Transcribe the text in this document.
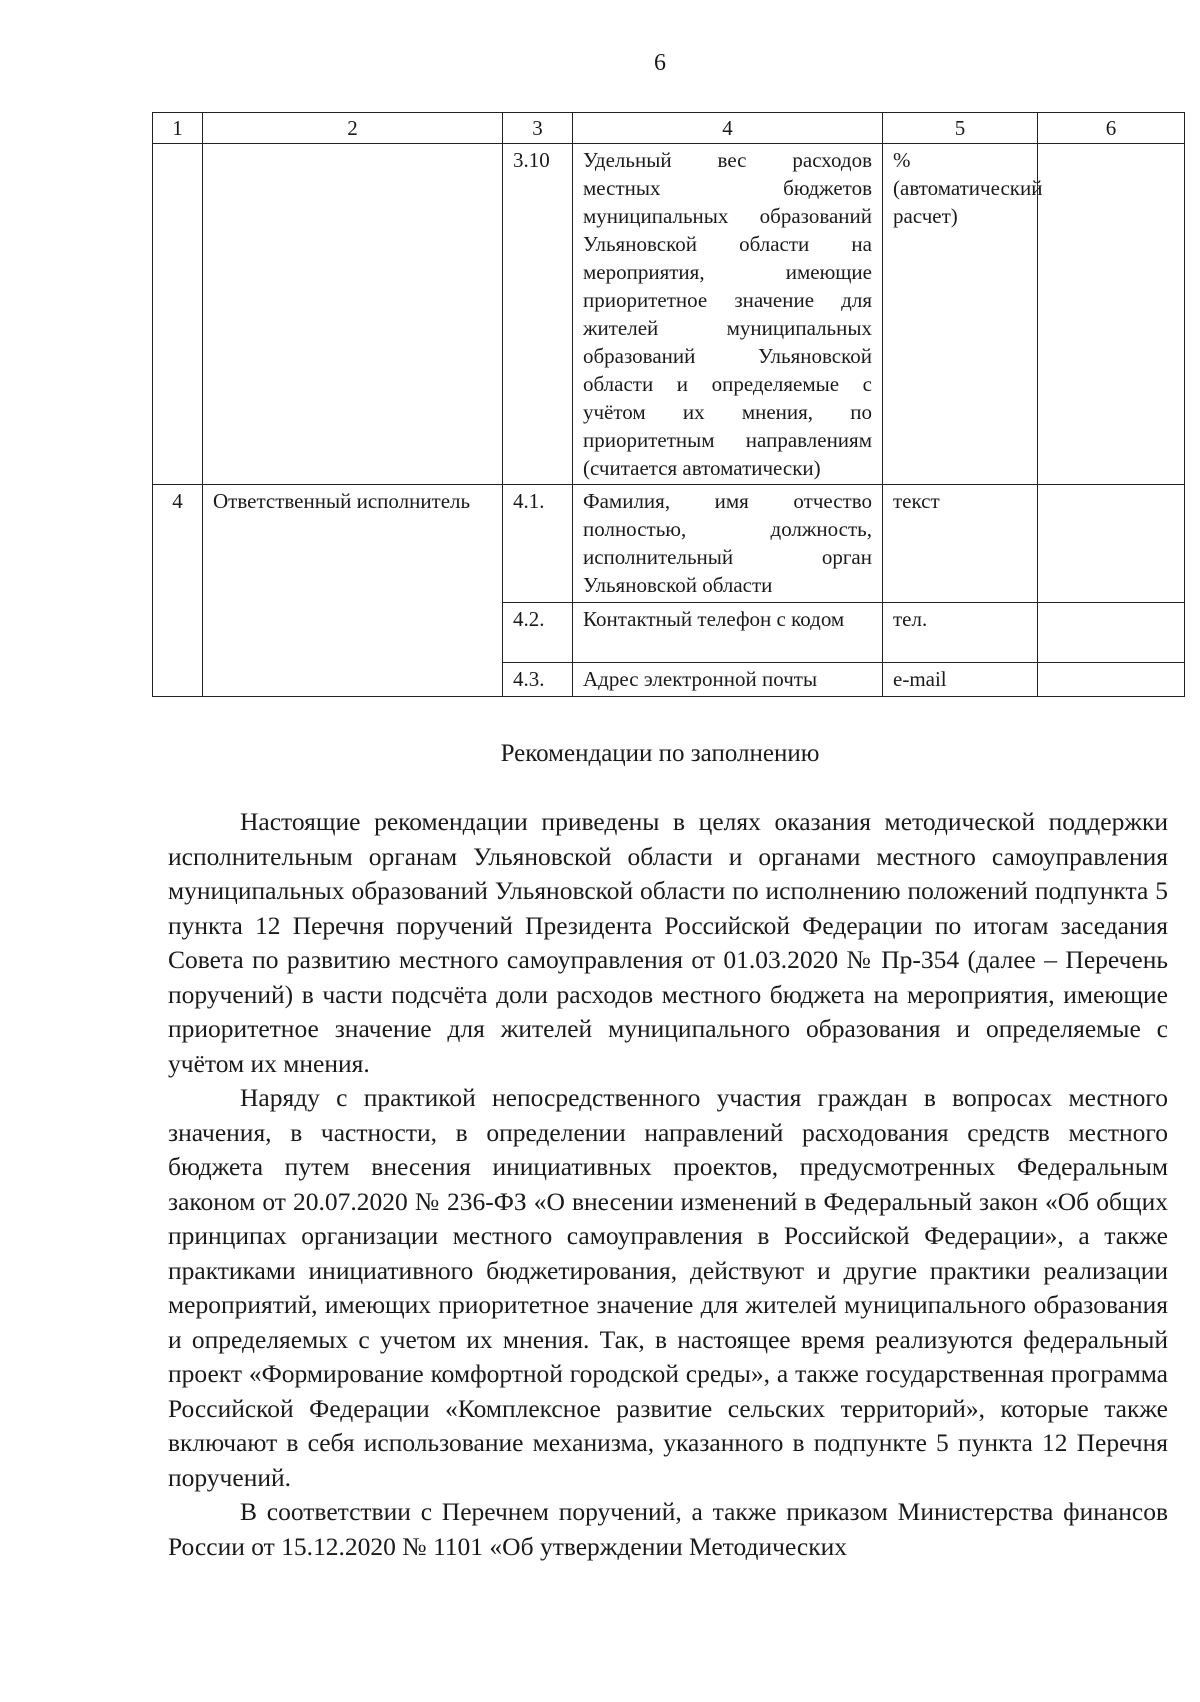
6
1	2	3	4	5	6
		3.10	Удельный вес расходов местных бюджетов муниципальных образований Ульяновской области на мероприятия, имеющие приоритетное значение для жителей муниципальных образований Ульяновской области и определяемые с учётом их мнения, по приоритетным направлениям (считается автоматически)	% (автоматический расчет)	
4	Ответственный исполнитель	4.1.	Фамилия, имя отчество полностью, должность, исполнительный орган Ульяновской области	текст	
		4.2.	Контактный телефон с кодом	тел.	
		4.3.	Адрес электронной почты	e-mail	
Рекомендации по заполнению

Настоящие рекомендации приведены в целях оказания методической поддержки исполнительным органам Ульяновской области и органами местного самоуправления муниципальных образований Ульяновской области по исполнению положений подпункта 5 пункта 12 Перечня поручений Президента Российской Федерации по итогам заседания Совета по развитию местного самоуправления от 01.03.2020 № Пр-354 (далее – Перечень поручений) в части подсчёта доли расходов местного бюджета на мероприятия, имеющие приоритетное значение для жителей муниципального образования и определяемые с учётом их мнения.

Наряду с практикой непосредственного участия граждан в вопросах местного значения, в частности, в определении направлений расходования средств местного бюджета путем внесения инициативных проектов, предусмотренных Федеральным законом от 20.07.2020 № 236-ФЗ «О внесении изменений в Федеральный закон «Об общих принципах организации местного самоуправления в Российской Федерации», а также практиками инициативного бюджетирования, действуют и другие практики реализации мероприятий, имеющих приоритетное значение для жителей муниципального образования и определяемых с учетом их мнения. Так, в настоящее время реализуются федеральный проект «Формирование комфортной городской среды», а также государственная программа Российской Федерации «Комплексное развитие сельских территорий», которые также включают в себя использование механизма, указанного в подпункте 5 пункта 12 Перечня поручений.

В соответствии с Перечнем поручений, а также приказом Министерства финансов России от 15.12.2020 № 1101 «Об утверждении Методических
